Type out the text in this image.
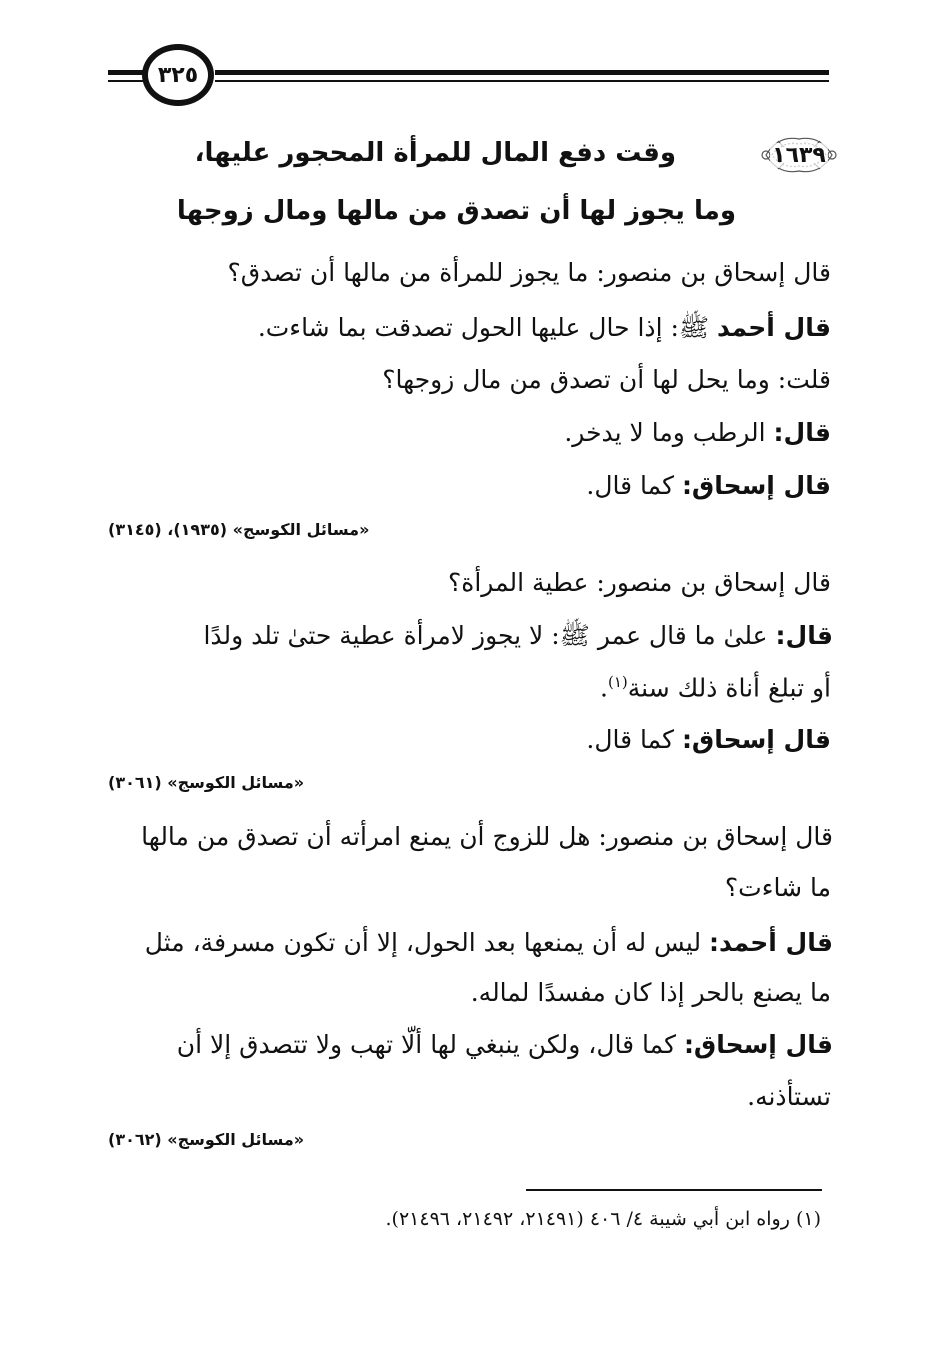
٣٢٥
١٦٣٩
وقت دفع المال للمرأة المحجور عليها،
وما يجوز لها أن تصدق من مالها ومال زوجها
قال إسحاق بن منصور: ما يجوز للمرأة من مالها أن تصدق؟
قال أحمد ﷺ: إذا حال عليها الحول تصدقت بما شاءت.
قلت: وما يحل لها أن تصدق من مال زوجها؟
قال: الرطب وما لا يدخر.
قال إسحاق: كما قال.
«مسائل الكوسج» (١٩٣٥)، (٣١٤٥)
قال إسحاق بن منصور: عطية المرأة؟
قال: علىٰ ما قال عمر ﷺ: لا يجوز لامرأة عطية حتىٰ تلد ولدًا
أو تبلغ أناة ذلك سنة$^{(١)}$.
قال إسحاق: كما قال.
«مسائل الكوسج» (٣٠٦١)
قال إسحاق بن منصور: هل للزوج أن يمنع امرأته أن تصدق من مالها
ما شاءت؟
قال أحمد: ليس له أن يمنعها بعد الحول، إلا أن تكون مسرفة، مثل
ما يصنع بالحر إذا كان مفسدًا لماله.
قال إسحاق: كما قال، ولكن ينبغي لها ألّا تهب ولا تتصدق إلا أن
تستأذنه.
«مسائل الكوسج» (٣٠٦٢)
(١) رواه ابن أبي شيبة ٤/ ٤٠٦ (٢١٤٩١، ٢١٤٩٢، ٢١٤٩٦).
